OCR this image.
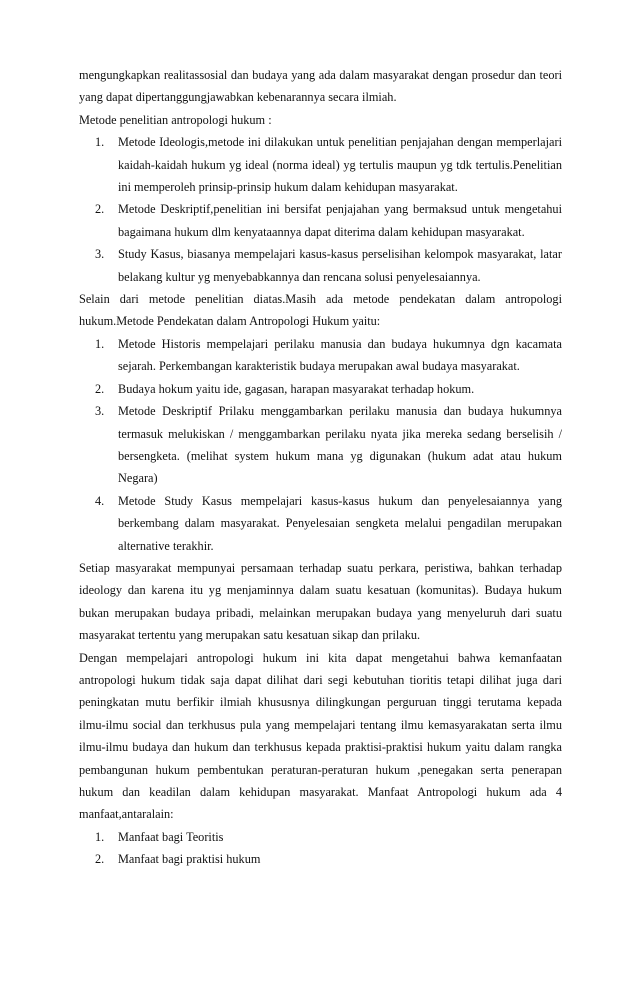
mengungkapkan realitassosial dan budaya yang ada dalam masyarakat dengan prosedur dan teori yang dapat dipertanggungjawabkan kebenarannya secara ilmiah.

Metode penelitian antropologi hukum :

1. Metode Ideologis,metode ini dilakukan untuk penelitian penjajahan dengan memperlajari kaidah-kaidah hukum yg ideal (norma ideal) yg tertulis maupun yg tdk tertulis.Penelitian ini memperoleh prinsip-prinsip hukum dalam kehidupan masyarakat.
2. Metode Deskriptif,penelitian ini bersifat penjajahan yang bermaksud untuk mengetahui bagaimana hukum dlm kenyataannya dapat diterima dalam kehidupan masyarakat.
3. Study Kasus, biasanya mempelajari kasus-kasus perselisihan kelompok masyarakat, latar belakang kultur yg menyebabkannya dan rencana solusi penyelesaiannya.

Selain dari metode penelitian diatas.Masih ada metode pendekatan dalam antropologi hukum.Metode Pendekatan dalam Antropologi Hukum yaitu:

1. Metode Historis mempelajari perilaku manusia dan budaya hukumnya dgn kacamata sejarah. Perkembangan karakteristik budaya merupakan awal budaya masyarakat.
2. Budaya hokum yaitu ide, gagasan, harapan masyarakat terhadap hokum.
3. Metode Deskriptif Prilaku menggambarkan perilaku manusia dan budaya hukumnya termasuk melukiskan / menggambarkan perilaku nyata jika mereka sedang berselisih / bersengketa. (melihat system hukum mana yg digunakan (hukum adat atau hukum Negara)
4. Metode Study Kasus mempelajari kasus-kasus hukum dan penyelesaiannya yang berkembang dalam masyarakat. Penyelesaian sengketa melalui pengadilan merupakan alternative terakhir.

Setiap masyarakat mempunyai persamaan terhadap suatu perkara, peristiwa, bahkan terhadap ideology dan karena itu yg menjaminnya dalam suatu kesatuan (komunitas). Budaya hukum bukan merupakan budaya pribadi, melainkan merupakan budaya yang menyeluruh dari suatu masyarakat tertentu yang merupakan satu kesatuan sikap dan prilaku.

Dengan mempelajari antropologi hukum ini kita dapat mengetahui bahwa kemanfaatan antropologi hukum tidak saja dapat dilihat dari segi kebutuhan tioritis tetapi dilihat juga dari peningkatan mutu berfikir ilmiah khususnya dilingkungan perguruan tinggi terutama kepada ilmu-ilmu social dan terkhusus pula yang mempelajari tentang ilmu kemasyarakatan serta ilmu ilmu-ilmu budaya dan hukum dan terkhusus kepada praktisi-praktisi hukum yaitu dalam rangka pembangunan hukum pembentukan peraturan-peraturan hukum ,penegakan serta penerapan hukum dan keadilan dalam kehidupan masyarakat. Manfaat Antropologi hukum ada 4 manfaat,antaralain:

1. Manfaat bagi Teoritis
2. Manfaat bagi praktisi hukum
